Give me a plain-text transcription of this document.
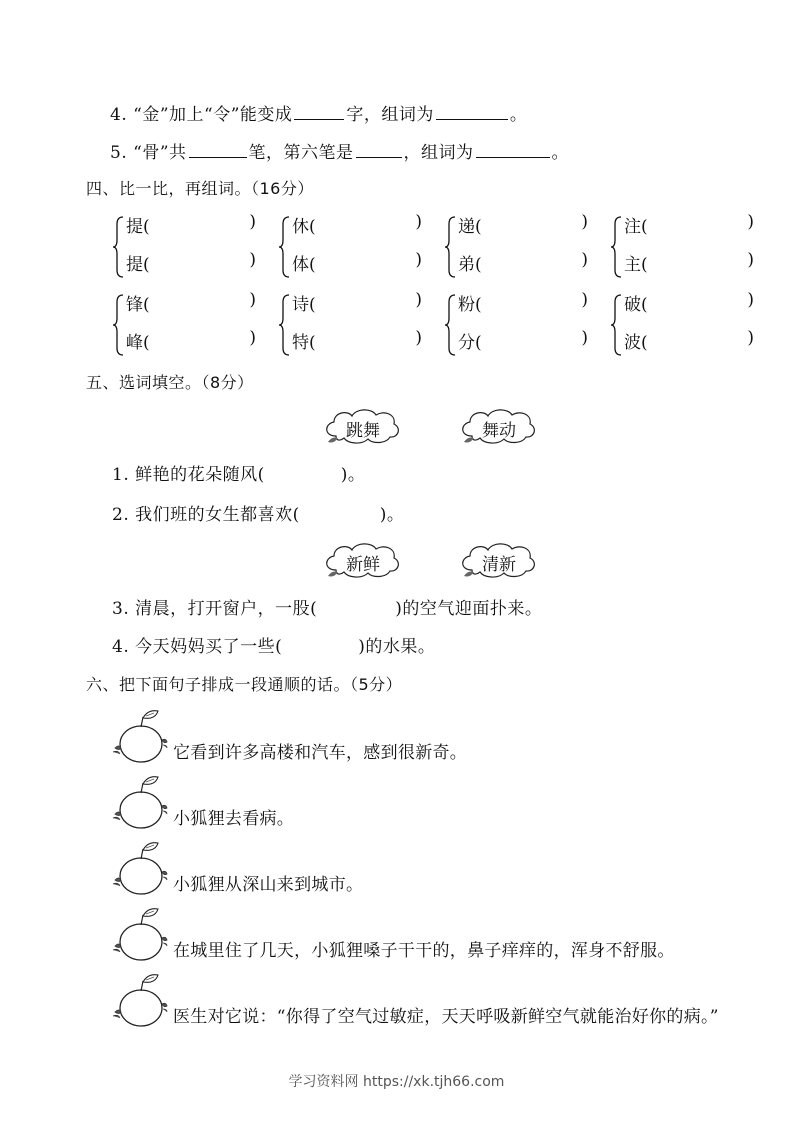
4. “金”加上“令”能变成	字，组词为	。
5. “骨”共	笔，第六笔是	，组词为	。
四、比一比，再组词。（16分）
提(	)
提(	)
休(	)
体(	)
递(	)
弟(	)
注(	)
主(	)
锋(	)
峰(	)
诗(	)
特(	)
粉(	)
分(	)
破(	)
波(	)
五、选词填空。（8分）
跳舞	舞动
1. 鲜艳的花朵随风(	)。
2. 我们班的女生都喜欢(	)。
新鲜	清新
3. 清晨，打开窗户，一股(	)的空气迎面扑来。
4. 今天妈妈买了一些(	)的水果。
六、把下面句子排成一段通顺的话。（5分）
它看到许多高楼和汽车，感到很新奇。
小狐狸去看病。
小狐狸从深山来到城市。
在城里住了几天，小狐狸嗓子干干的，鼻子痒痒的，浑身不舒服。
医生对它说：“你得了空气过敏症，天天呼吸新鲜空气就能治好你的病。”
学习资料网 https://xk.tjh66.com
